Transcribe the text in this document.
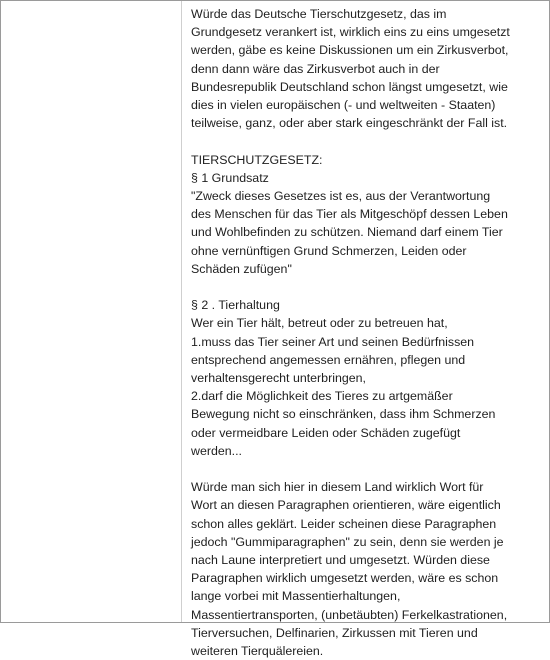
Würde das Deutsche Tierschutzgesetz, das im
Grundgesetz verankert ist, wirklich eins zu eins umgesetzt
werden, gäbe es keine Diskussionen um ein Zirkusverbot,
denn dann wäre das Zirkusverbot auch in der
Bundesrepublik Deutschland schon längst umgesetzt, wie
dies in vielen europäischen (- und weltweiten - Staaten)
teilweise, ganz, oder aber stark eingeschränkt der Fall ist.
TIERSCHUTZGESETZ:
§ 1 Grundsatz
"Zweck dieses Gesetzes ist es, aus der Verantwortung
des Menschen für das Tier als Mitgeschöpf dessen Leben
und Wohlbefinden zu schützen. Niemand darf einem Tier
ohne vernünftigen Grund Schmerzen, Leiden oder
Schäden zufügen"
§ 2 . Tierhaltung
Wer ein Tier hält, betreut oder zu betreuen hat,
1.muss das Tier seiner Art und seinen Bedürfnissen
entsprechend angemessen ernähren, pflegen und
verhaltensgerecht unterbringen,
2.darf die Möglichkeit des Tieres zu artgemäßer
Bewegung nicht so einschränken, dass ihm Schmerzen
oder vermeidbare Leiden oder Schäden zugefügt
werden...
Würde man sich hier in diesem Land wirklich Wort für
Wort an diesen Paragraphen orientieren, wäre eigentlich
schon alles geklärt. Leider scheinen diese Paragraphen
jedoch "Gummiparagraphen" zu sein, denn sie werden je
nach Laune interpretiert und umgesetzt. Würden diese
Paragraphen wirklich umgesetzt werden, wäre es schon
lange vorbei mit Massentierhaltungen,
Massentiertransporten, (unbetäubten) Ferkelkastrationen,
Tierversuchen, Delfinarien, Zirkussen mit Tieren und
weiteren Tierquälereien.
